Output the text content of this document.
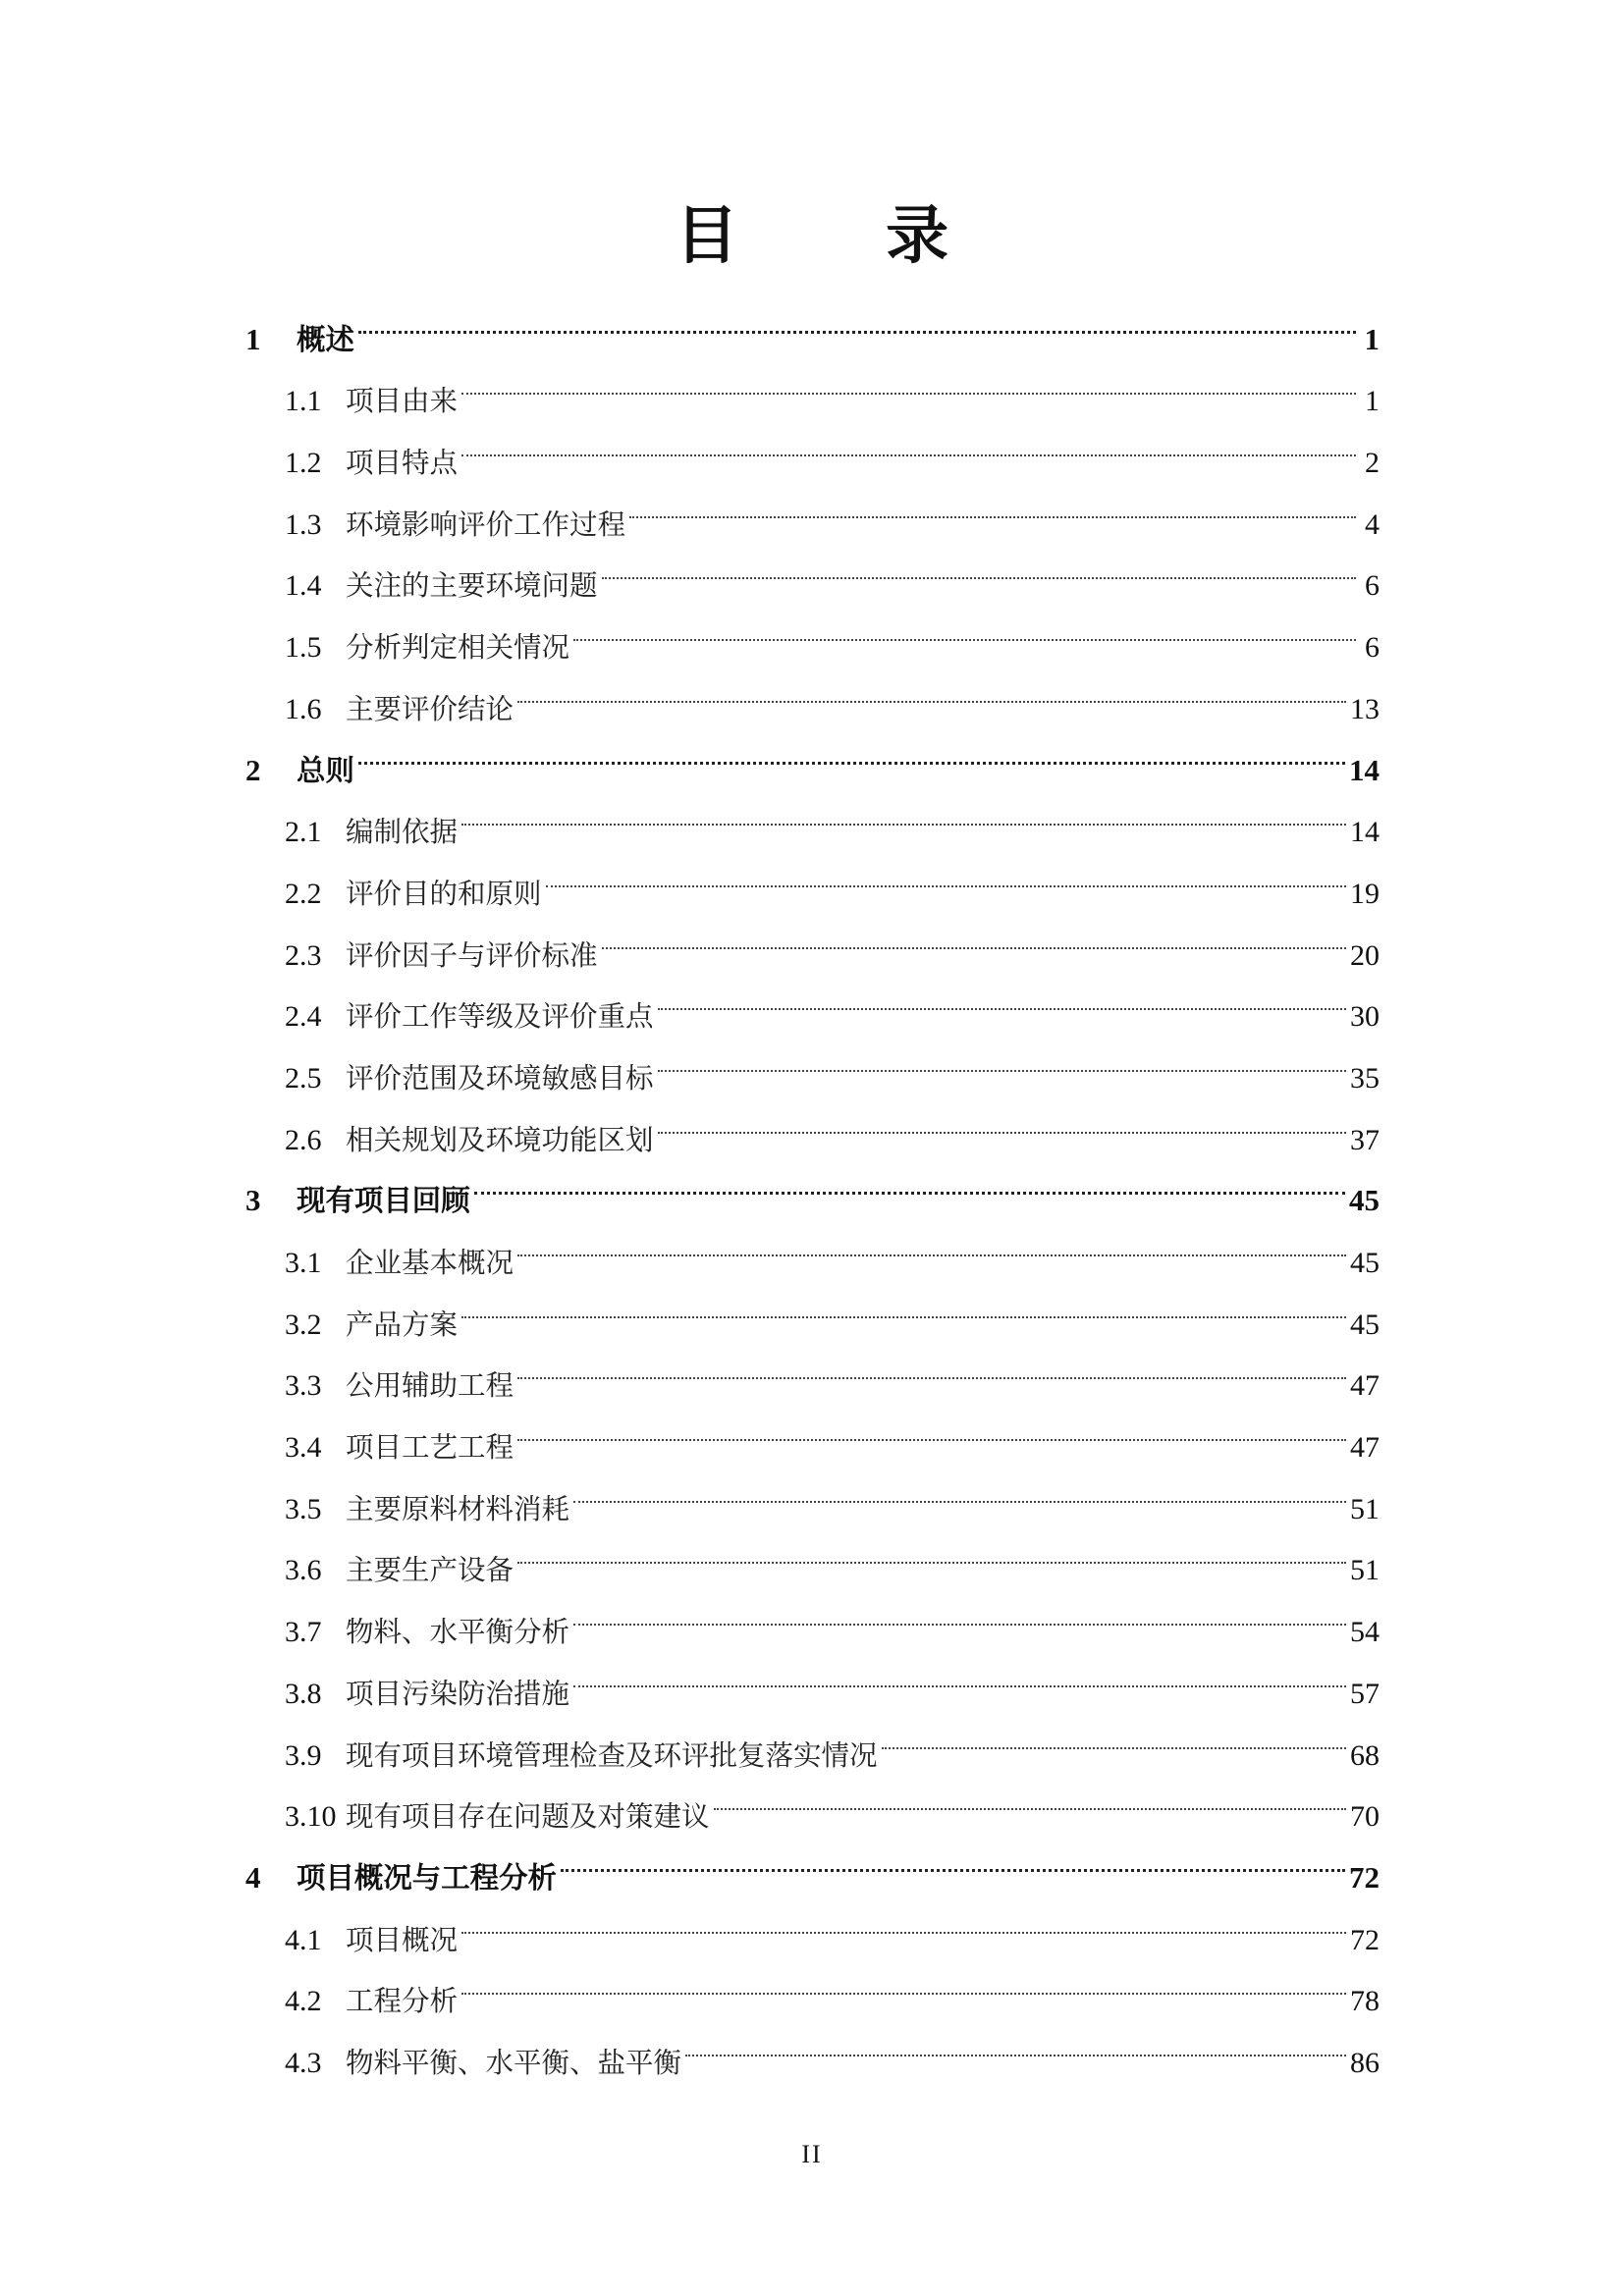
目 录
1	概述	1
1.1 项目由来	1
1.2 项目特点	2
1.3 环境影响评价工作过程	4
1.4 关注的主要环境问题	6
1.5 分析判定相关情况	6
1.6 主要评价结论	13
2	总则	14
2.1 编制依据	14
2.2 评价目的和原则	19
2.3 评价因子与评价标准	20
2.4 评价工作等级及评价重点	30
2.5 评价范围及环境敏感目标	35
2.6 相关规划及环境功能区划	37
3	现有项目回顾	45
3.1 企业基本概况	45
3.2 产品方案	45
3.3 公用辅助工程	47
3.4 项目工艺工程	47
3.5 主要原料材料消耗	51
3.6 主要生产设备	51
3.7 物料、水平衡分析	54
3.8 项目污染防治措施	57
3.9 现有项目环境管理检查及环评批复落实情况	68
3.10 现有项目存在问题及对策建议	70
4	项目概况与工程分析	72
4.1 项目概况	72
4.2 工程分析	78
4.3 物料平衡、水平衡、盐平衡	86
II
